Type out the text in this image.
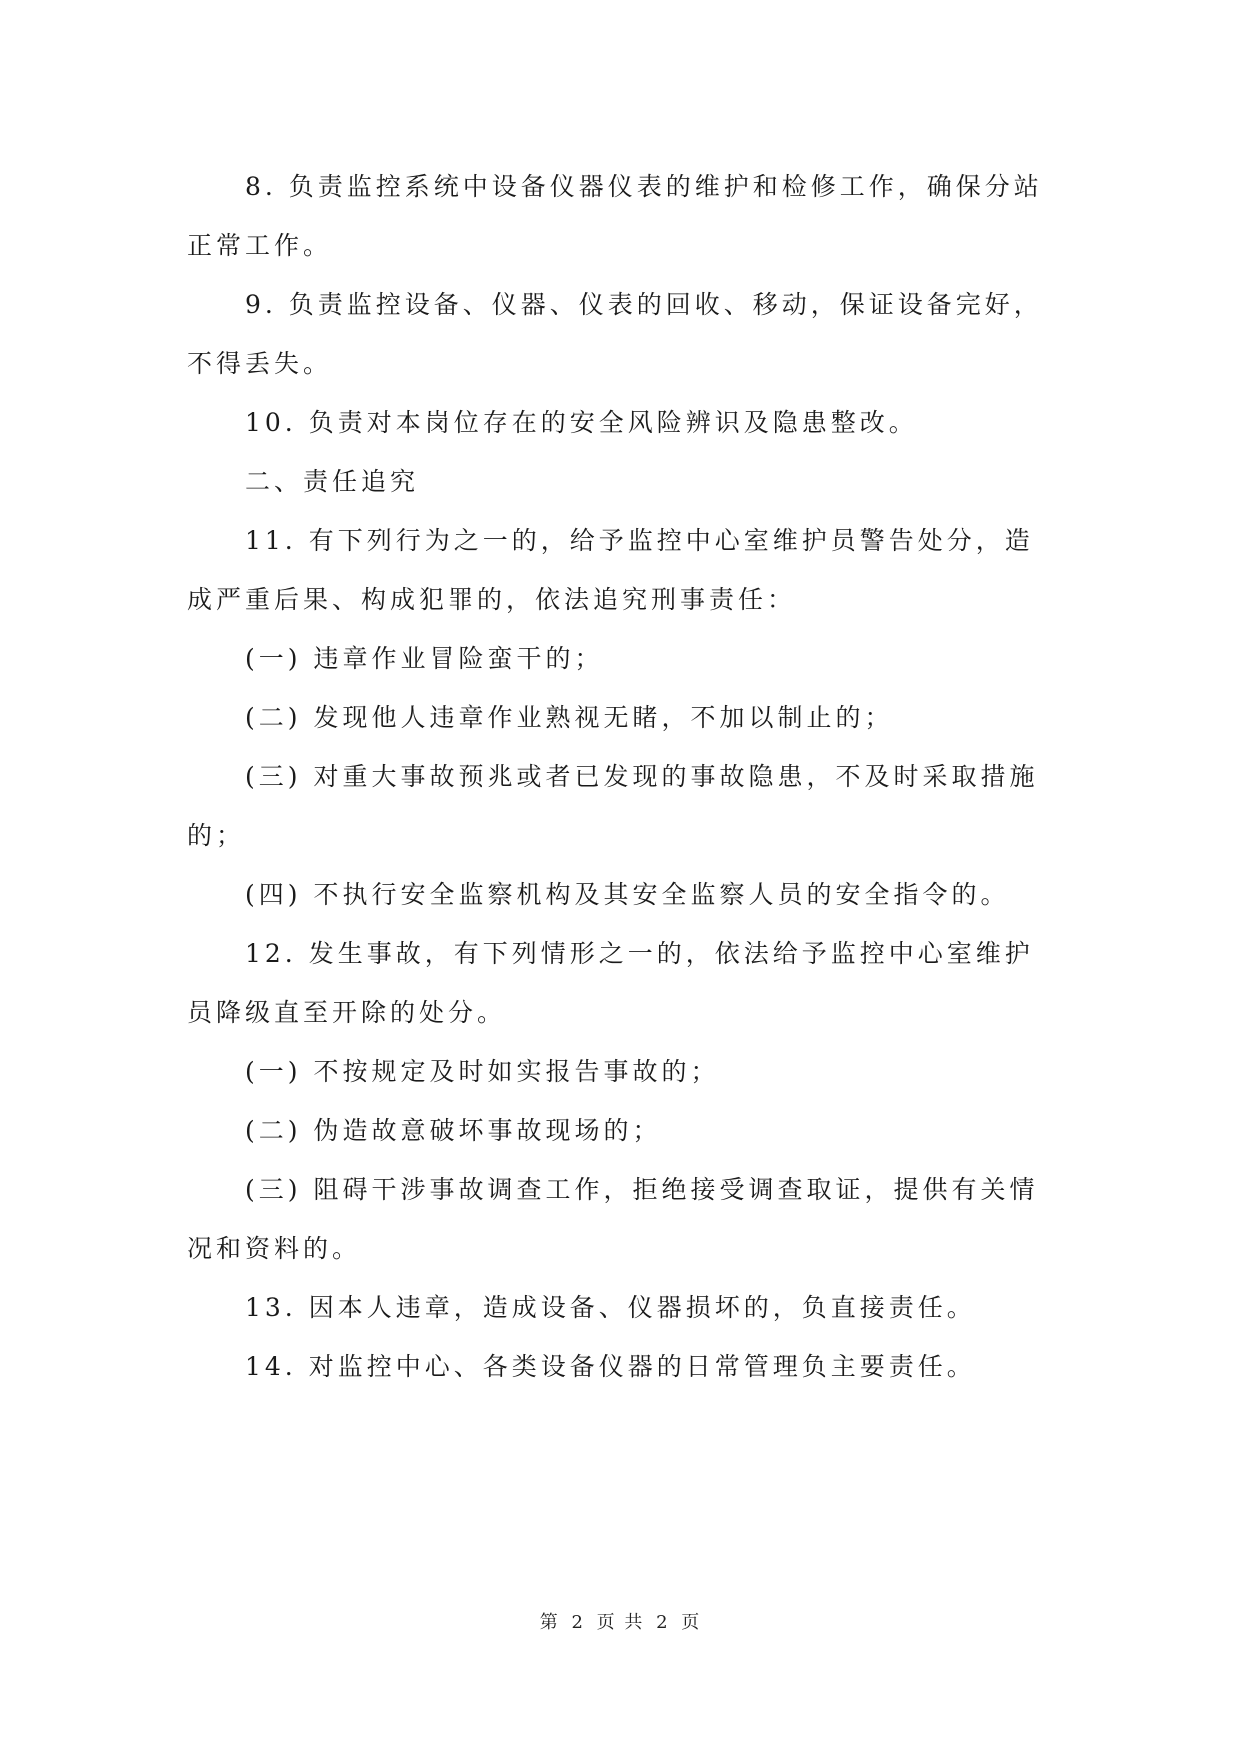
8. 负责监控系统中设备仪器仪表的维护和检修工作，确保分站正常工作。

9. 负责监控设备、仪器、仪表的回收、移动，保证设备完好，不得丢失。

10. 负责对本岗位存在的安全风险辨识及隐患整改。

二、责任追究

11. 有下列行为之一的，给予监控中心室维护员警告处分，造成严重后果、构成犯罪的，依法追究刑事责任：

(一) 违章作业冒险蛮干的；

(二) 发现他人违章作业熟视无睹，不加以制止的；

(三) 对重大事故预兆或者已发现的事故隐患，不及时采取措施的；

(四) 不执行安全监察机构及其安全监察人员的安全指令的。

12. 发生事故，有下列情形之一的，依法给予监控中心室维护员降级直至开除的处分。

(一) 不按规定及时如实报告事故的；

(二) 伪造故意破坏事故现场的；

(三) 阻碍干涉事故调查工作，拒绝接受调查取证，提供有关情况和资料的。

13. 因本人违章，造成设备、仪器损坏的，负直接责任。

14. 对监控中心、各类设备仪器的日常管理负主要责任。

第 2 页 共 2 页
